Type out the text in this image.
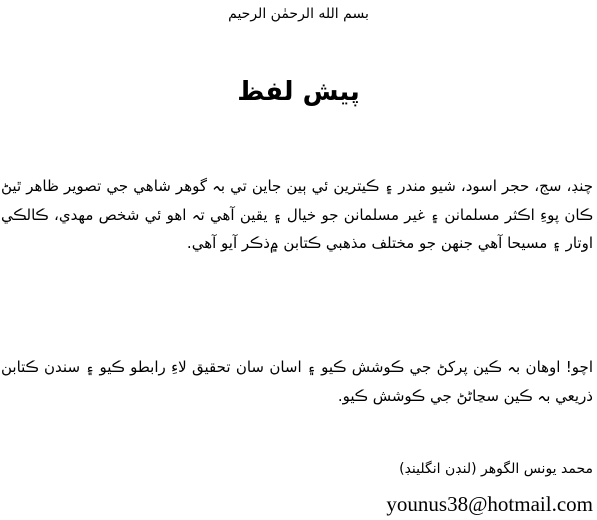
بسم الله الرحمٰن الرحيم
پيش لفظ

چنڊ، سج، حجر اسود، شيو مندر ۽ ڪيترين ئي ٻين جاين تي بہ گوهر شاهي جي تصوير ظاهر ٿيڻ ڪان پوءِ اڪثر مسلمانن ۽ غير مسلمانن جو خيال ۽ يقين آهي تہ اهو ئي شخص مهدي، ڪالڪي اوتار ۽ مسيحا آهي جنهن جو مختلف مذهبي ڪتابن ۾ذڪر آيو آهي.

اچو! اوهان بہ ڪين پرکڻ جي ڪوشش ڪيو ۽ اسان سان تحقيق لاءِ رابطو ڪيو ۽ سندن ڪتابن ذريعي بہ ڪين سڃاڻڻ جي ڪوشش ڪيو.

محمد يونس الگوهر (لنڊن انگلينڊ)
younus38@hotmail.com
